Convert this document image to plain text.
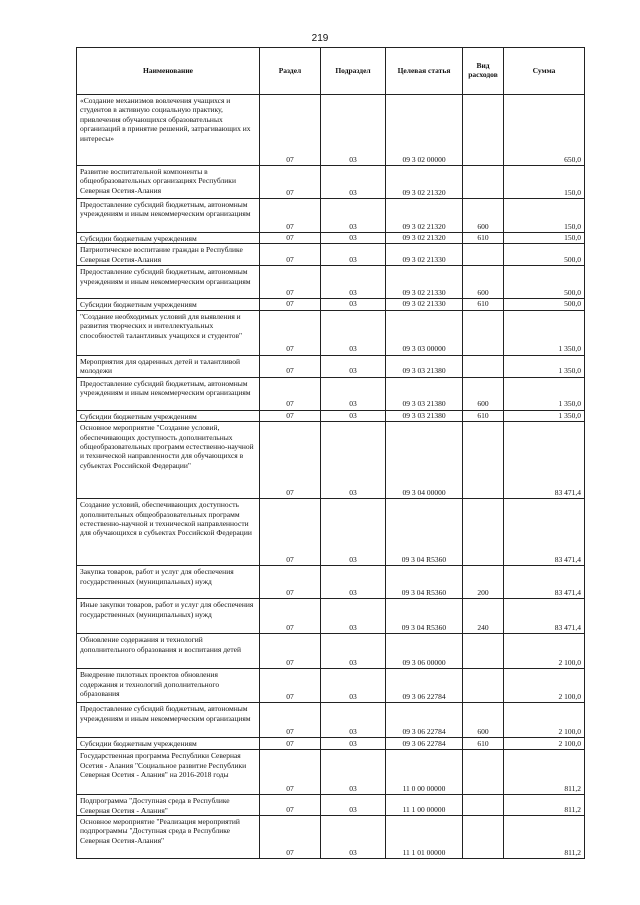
219
Наименование	Раздел	Подраздел	Целевая статья	Вид расходов	Сумма
«Создание механизмов вовлечения учащихся и студентов в активную социальную практику, привлечения обучающихся образовательных организаций в принятие решений, затрагивающих их интересы»	07	03	09 3 02 00000		650,0
Развитие воспитательной компоненты в общеобразовательных организациях Республики Северная Осетия-Алания	07	03	09 3 02 21320		150,0
Предоставление субсидий бюджетным, автономным учреждениям и иным некоммерческим организациям	07	03	09 3 02 21320	600	150,0
Субсидии бюджетным учреждениям	07	03	09 3 02 21320	610	150,0
Патриотическое воспитание граждан в Республике Северная Осетия-Алания	07	03	09 3 02 21330		500,0
Предоставление субсидий бюджетным, автономным учреждениям и иным некоммерческим организациям	07	03	09 3 02 21330	600	500,0
Субсидии бюджетным учреждениям	07	03	09 3 02 21330	610	500,0
"Создание необходимых условий для выявления и развития творческих и интеллектуальных способностей талантливых учащихся и студентов"	07	03	09 3 03 00000		1 350,0
Мероприятия для одаренных детей и талантливой молодежи	07	03	09 3 03 21380		1 350,0
Предоставление субсидий бюджетным, автономным учреждениям и иным некоммерческим организациям	07	03	09 3 03 21380	600	1 350,0
Субсидии бюджетным учреждениям	07	03	09 3 03 21380	610	1 350,0
Основное мероприятие "Создание условий, обеспечивающих доступность дополнительных общеобразовательных программ естественно-научной и технической направленности для обучающихся в субъектах Российской Федерации"	07	03	09 3 04 00000		83 471,4
Создание условий, обеспечивающих доступность дополнительных общеобразовательных программ естественно-научной и технической направленности для обучающихся в субъектах Российской Федерации	07	03	09 3 04 R5360		83 471,4
Закупка товаров, работ и услуг для обеспечения государственных (муниципальных) нужд	07	03	09 3 04 R5360	200	83 471,4
Иные закупки товаров, работ и услуг для обеспечения государственных (муниципальных) нужд	07	03	09 3 04 R5360	240	83 471,4
Обновление содержания и технологий дополнительного образования и воспитания детей	07	03	09 3 06 00000		2 100,0
Внедрение пилотных проектов обновления содержания и технологий дополнительного образования	07	03	09 3 06 22784		2 100,0
Предоставление субсидий бюджетным, автономным учреждениям и иным некоммерческим организациям	07	03	09 3 06 22784	600	2 100,0
Субсидии бюджетным учреждениям	07	03	09 3 06 22784	610	2 100,0
Государственная программа Республики Северная Осетия - Алания "Социальное развитие Республики Северная Осетия - Алания" на 2016-2018 годы	07	03	11 0 00 00000		811,2
Подпрограмма "Доступная среда в Республике Северная Осетия - Алания"	07	03	11 1 00 00000		811,2
Основное мероприятие "Реализация мероприятий подпрограммы "Доступная среда в Республике Северная Осетия-Алания"	07	03	11 1 01 00000		811,2
